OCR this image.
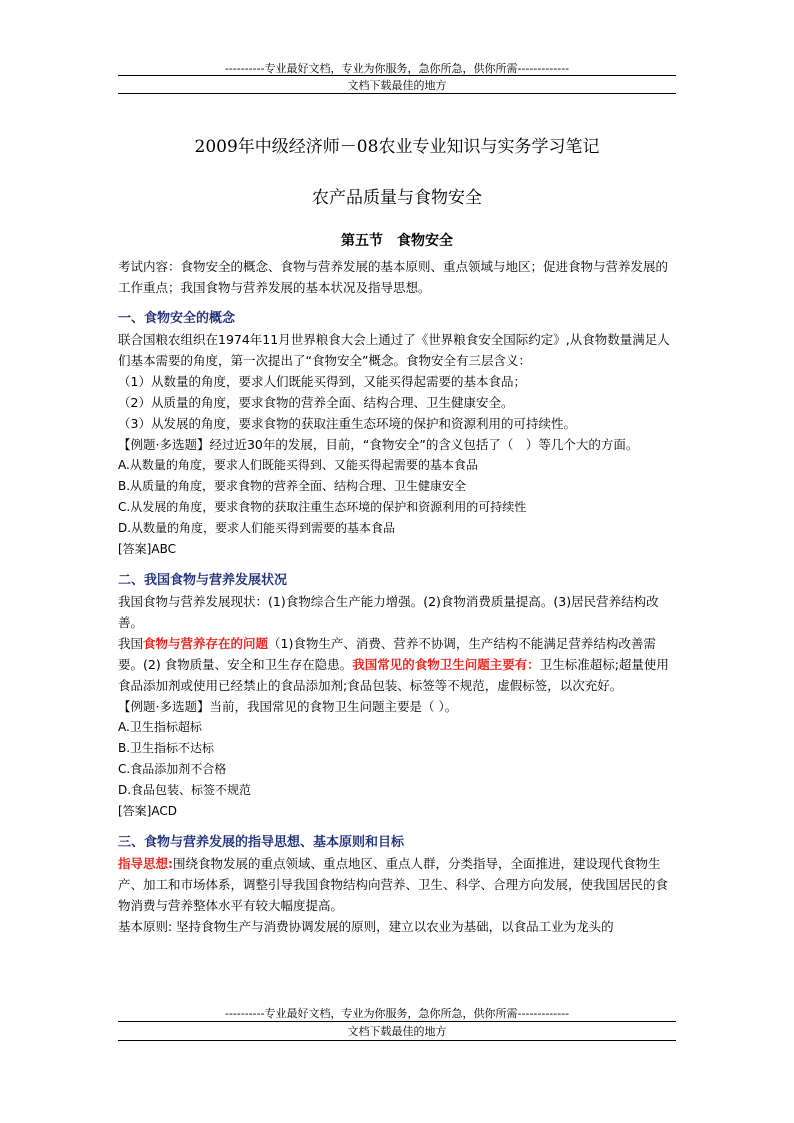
----------专业最好文档，专业为你服务，急你所急，供你所需-------------
文档下载最佳的地方
2009年中级经济师－08农业专业知识与实务学习笔记
农产品质量与食物安全
第五节　食物安全

考试内容：食物安全的概念、食物与营养发展的基本原则、重点领域与地区；促进食物与营养发展的工作重点；我国食物与营养发展的基本状况及指导思想。

一、食物安全的概念

联合国粮农组织在1974年11月世界粮食大会上通过了《世界粮食安全国际约定》,从食物数量满足人们基本需要的角度，第一次提出了“食物安全”概念。食物安全有三层含义：

（1）从数量的角度，要求人们既能买得到，又能买得起需要的基本食品；

（2）从质量的角度，要求食物的营养全面、结构合理、卫生健康安全。

（3）从发展的角度，要求食物的获取注重生态环境的保护和资源利用的可持续性。

【例题·多选题】经过近30年的发展，目前，“食物安全”的含义包括了（　）等几个大的方面。

A.从数量的角度，要求人们既能买得到、又能买得起需要的基本食品

B.从质量的角度，要求食物的营养全面、结构合理、卫生健康安全

C.从发展的角度，要求食物的获取注重生态环境的保护和资源利用的可持续性

D.从数量的角度，要求人们能买得到需要的基本食品

[答案]ABC

二、我国食物与营养发展状况

我国食物与营养发展现状：(1)食物综合生产能力增强。(2)食物消费质量提高。(3)居民营养结构改善。

我国食物与营养存在的问题（1)食物生产、消费、营养不协调，生产结构不能满足营养结构改善需要。(2) 食物质量、安全和卫生存在隐患。我国常见的食物卫生问题主要有：卫生标准超标;超量使用食品添加剂或使用已经禁止的食品添加剂;食品包装、标签等不规范，虚假标签，以次充好。

【例题·多选题】当前，我国常见的食物卫生问题主要是（ ）。

A.卫生指标超标

B.卫生指标不达标

C.食品添加剂不合格

D.食品包装、标签不规范

[答案]ACD

三、食物与营养发展的指导思想、基本原则和目标

指导思想:围绕食物发展的重点领域、重点地区、重点人群，分类指导，全面推进，建设现代食物生产、加工和市场体系，调整引导我国食物结构向营养、卫生、科学、合理方向发展，使我国居民的食物消费与营养整体水平有较大幅度提高。

基本原则: 坚持食物生产与消费协调发展的原则，建立以农业为基础，以食品工业为龙头的

----------专业最好文档，专业为你服务，急你所急，供你所需-------------
文档下载最佳的地方
